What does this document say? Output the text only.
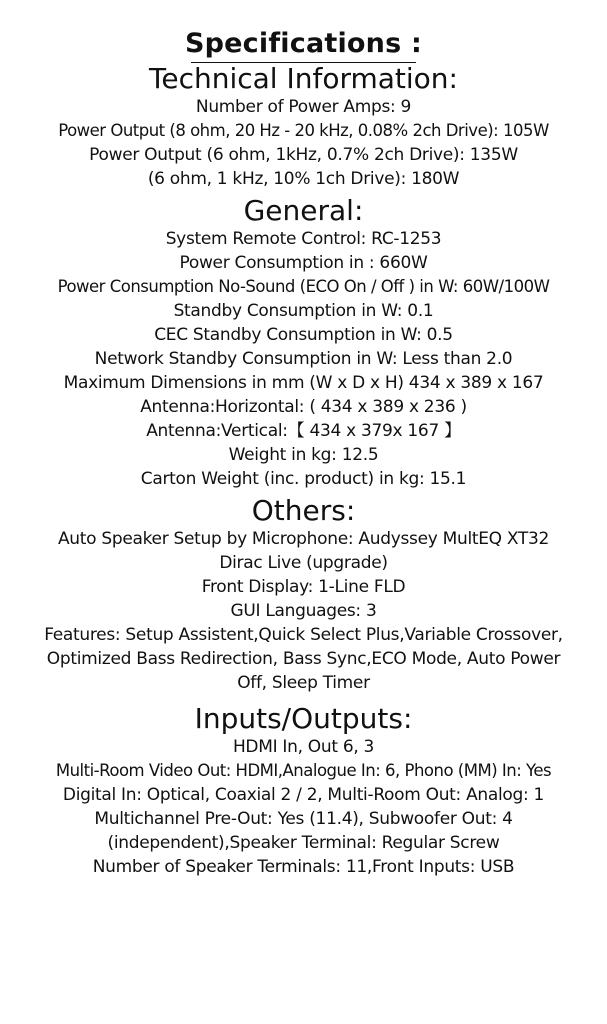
Specifications :
Technical Information:
Number of Power Amps: 9
Power Output (8 ohm, 20 Hz - 20 kHz, 0.08% 2ch Drive): 105W
Power Output (6 ohm, 1kHz, 0.7% 2ch Drive): 135W
(6 ohm, 1 kHz, 10% 1ch Drive): 180W
General:
System Remote Control: RC-1253
Power Consumption in : 660W
Power Consumption No-Sound (ECO On / Off ) in W: 60W/100W
Standby Consumption in W: 0.1
CEC Standby Consumption in W: 0.5
Network Standby Consumption in W: Less than 2.0
Maximum Dimensions in mm (W x D x H) 434 x 389 x 167
Antenna:Horizontal: ( 434 x 389 x 236 )
Antenna:Vertical:【 434 x 379x 167 】
Weight in kg: 12.5
Carton Weight (inc. product) in kg: 15.1
Others:
Auto Speaker Setup by Microphone: Audyssey MultEQ XT32
Dirac Live (upgrade)
Front Display: 1-Line FLD
GUI Languages: 3
Features: Setup Assistent,Quick Select Plus,Variable Crossover,
Optimized Bass Redirection, Bass Sync,ECO Mode, Auto Power
Off, Sleep Timer
Inputs/Outputs:
HDMI In, Out 6, 3
Multi-Room Video Out: HDMI,Analogue In: 6, Phono (MM) In: Yes
Digital In: Optical, Coaxial 2 / 2, Multi-Room Out: Analog: 1
Multichannel Pre-Out: Yes (11.4), Subwoofer Out: 4
(independent),Speaker Terminal: Regular Screw
Number of Speaker Terminals: 11,Front Inputs: USB
